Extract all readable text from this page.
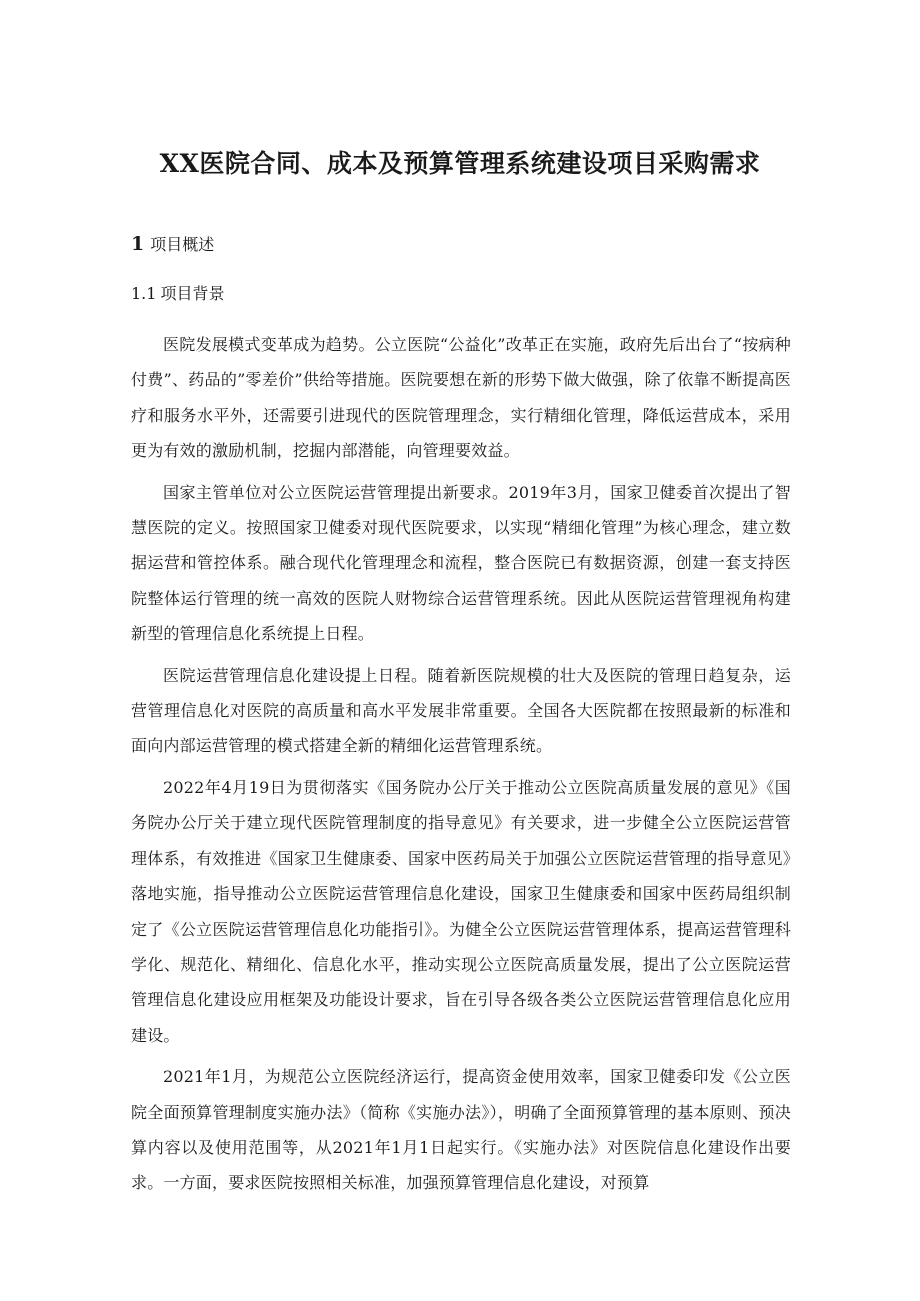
XX医院合同、成本及预算管理系统建设项目采购需求
1 项目概述
1.1 项目背景

医院发展模式变革成为趋势。公立医院“公益化”改革正在实施，政府先后出台了“按病种付费”、药品的”零差价”供给等措施。医院要想在新的形势下做大做强，除了依靠不断提高医疗和服务水平外，还需要引进现代的医院管理理念，实行精细化管理，降低运营成本，采用更为有效的激励机制，挖掘内部潜能，向管理要效益。

国家主管单位对公立医院运营管理提出新要求。2019年3月，国家卫健委首次提出了智慧医院的定义。按照国家卫健委对现代医院要求，以实现“精细化管理”为核心理念，建立数据运营和管控体系。融合现代化管理理念和流程，整合医院已有数据资源，创建一套支持医院整体运行管理的统一高效的医院人财物综合运营管理系统。因此从医院运营管理视角构建新型的管理信息化系统提上日程。

医院运营管理信息化建设提上日程。随着新医院规模的壮大及医院的管理日趋复杂，运营管理信息化对医院的高质量和高水平发展非常重要。全国各大医院都在按照最新的标准和面向内部运营管理的模式搭建全新的精细化运营管理系统。

2022年4月19日为贯彻落实《国务院办公厅关于推动公立医院高质量发展的意见》《国务院办公厅关于建立现代医院管理制度的指导意见》有关要求，进一步健全公立医院运营管理体系，有效推进《国家卫生健康委、国家中医药局关于加强公立医院运营管理的指导意见》落地实施，指导推动公立医院运营管理信息化建设，国家卫生健康委和国家中医药局组织制定了《公立医院运营管理信息化功能指引》。为健全公立医院运营管理体系，提高运营管理科学化、规范化、精细化、信息化水平，推动实现公立医院高质量发展，提出了公立医院运营管理信息化建设应用框架及功能设计要求，旨在引导各级各类公立医院运营管理信息化应用建设。

2021年1月，为规范公立医院经济运行，提高资金使用效率，国家卫健委印发《公立医院全面预算管理制度实施办法》（简称《实施办法》），明确了全面预算管理的基本原则、预决算内容以及使用范围等，从2021年1月1日起实行。《实施办法》对医院信息化建设作出要求。一方面，要求医院按照相关标准，加强预算管理信息化建设，对预算
